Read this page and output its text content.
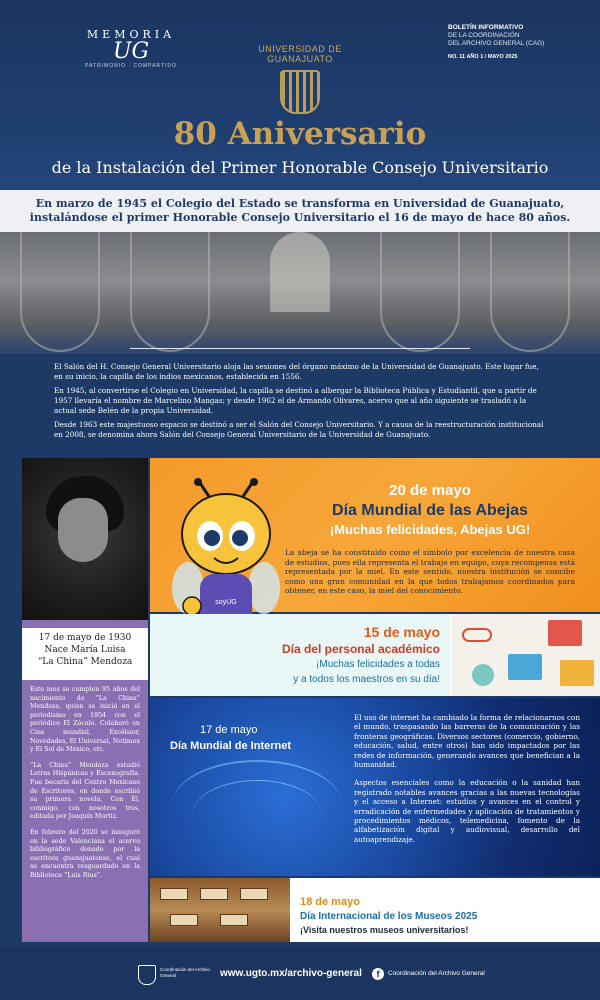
MEMORIA
UG
PATRIMONIO · COMPARTIDO
UNIVERSIDAD DE
GUANAJUATO
BOLETÍN INFORMATIVO
DE LA COORDINACIÓN
DEL ARCHIVO GENERAL (CAG)
NO. 11 AÑO 1 / MAYO 2025
80 Aniversario
de la Instalación del Primer Honorable Consejo Universitario

En marzo de 1945 el Colegio del Estado se transforma en Universidad de Guanajuato,

instalándose el primer Honorable Consejo Universitario el 16 de mayo de hace 80 años.

El Salón del H. Consejo General Universitario aloja las sesiones del órgano máximo de la Universidad de Guanajuato. Este lugar fue, en su inicio, la capilla de los indios mexicanos, establecida en 1556.

En 1945, al convertirse el Colegio en Universidad, la capilla se destinó a albergar la Biblioteca Pública y Estudiantil, que a partir de 1957 llevaría el nombre de Marcelino Mangas; y desde 1962 el de Armando Olivares, acervo que al año siguiente se trasladó a la actual sede Belén de la propia Universidad.

Desde 1963 este majestuoso espacio se destinó a ser el Salón del Consejo Universitario. Y a causa de la reestructuración institucional en 2008, se denomina ahora Salón del Consejo General Universitario de la Universidad de Guanajuato.

17 de mayo de 1930
Nace María Luisa
“La China” Mendoza

Este mes se cumplen 95 años del nacimiento de “La China” Mendoza, quien se inició en el periodismo en 1954 con el periódico El Zócalo. Colaboró en Cine mundial, Excélsior, Novedades, El Universal, Notimex y El Sol de México, etc.

“La China” Mendoza estudió Letras Hispánicas y Escenografía. Fue becaria del Centro Mexicano de Escritores, en donde escribió su primera novela, Con Él, conmigo, con nosotros tres, editada por Joaquín Mortiz.

En febrero del 2020 se inauguró en la sede Valenciana el acervo bibliográfico donado por la escritora guanajuatense, el cual se encuentra resguardado en la Biblioteca “Luis Rius”.

soyUG
20 de mayo
Día Mundial de las Abejas
¡Muchas felicidades, Abejas UG!
La abeja se ha constituido como el símbolo por excelencia de nuestra casa de estudios, pues ella representa el trabajo en equipo, cuya recompensa está representada por la miel. En este sentido, nuestra institución se concibe como una gran comunidad en la que todos trabajamos coordinados para obtener, en este caso, la miel del conocimiento.
15 de mayo
Día del personal académico
¡Muchas felicidades a todas
y a todos los maestros en su día!
17 de mayo
Día Mundial de Internet

El uso de internet ha cambiado la forma de relacionarnos con el mundo, traspasando las barreras de la comunicación y las fronteras geográficas. Diversos sectores (comercio, gobierno, educación, salud, entre otros) han sido impactados por las redes de información, generando avances que benefician a la humanidad.

Aspectos esenciales como la educación o la sanidad han registrado notables avances gracias a las nuevas tecnologías y el acceso a Internet: estudios y avances en el control y erradicación de enfermedades y aplicación de tratamientos y procedimientos médicos, telemedicina, fomento de la alfabetización digital y audiovisual, desarrollo del autoaprendizaje.

18 de mayo
Día Internacional de los Museos 2025
¡Visita nuestros museos universitarios!
Coordinación del Archivo General	www.ugto.mx/archivo-general	f	Coordinación del Archivo General
